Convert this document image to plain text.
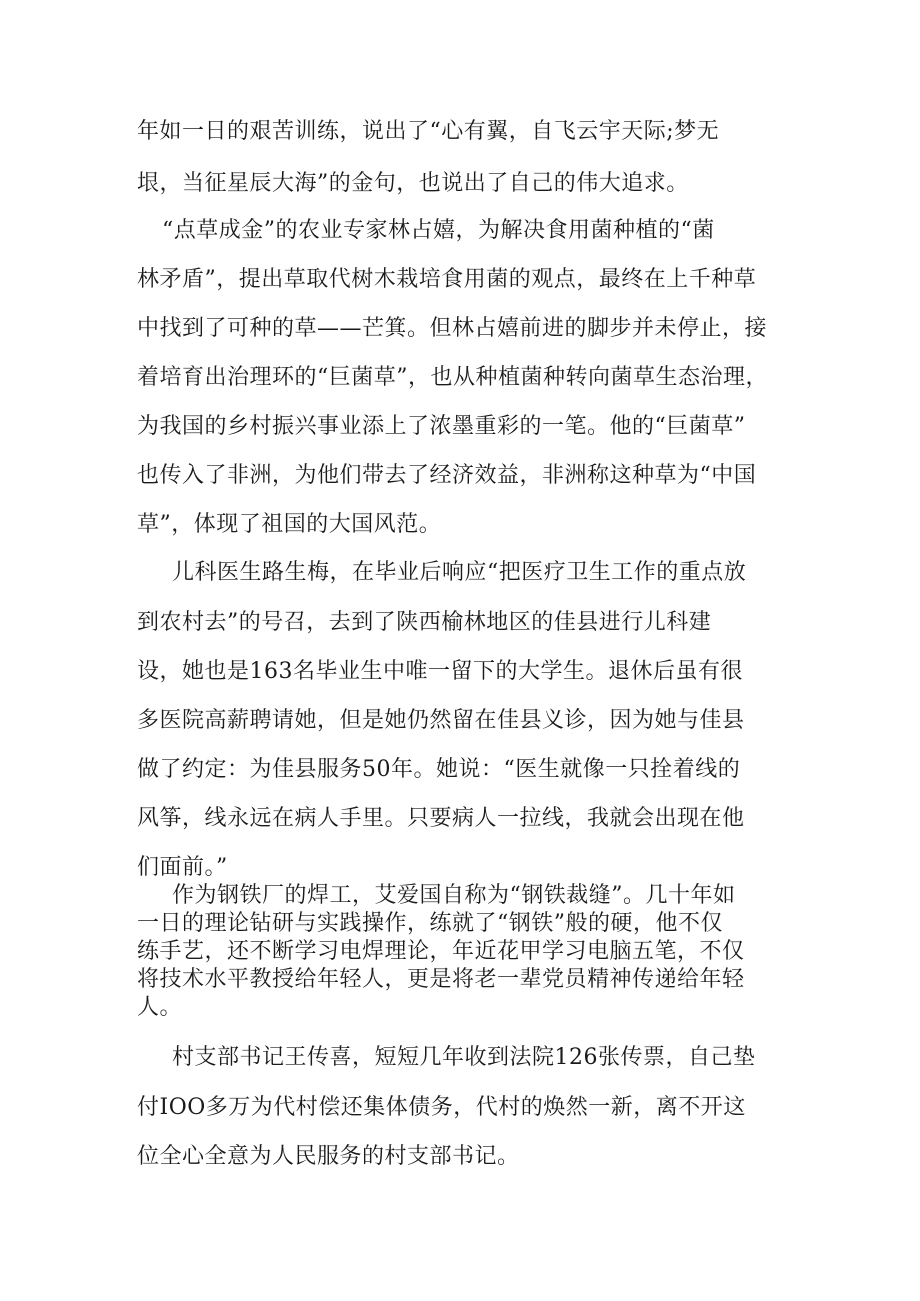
年如一日的艰苦训练，说出了“心有翼，自飞云宇天际;梦无
垠，当征星辰大海”的金句，也说出了自己的伟大追求。
“点草成金”的农业专家林占嬉，为解决食用菌种植的“菌
林矛盾”，提出草取代树木栽培食用菌的观点，最终在上千种草
中找到了可种的草——芒箕。但林占嬉前进的脚步并未停止，接
着培育出治理环的“巨菌草”，也从种植菌种转向菌草生态治理，
为我国的乡村振兴事业添上了浓墨重彩的一笔。他的“巨菌草”
也传入了非洲，为他们带去了经济效益，非洲称这种草为“中国
草”，体现了祖国的大国风范。
儿科医生路生梅，在毕业后响应“把医疗卫生工作的重点放
到农村去”的号召，去到了陕西榆林地区的佳县进行儿科建
设，她也是163名毕业生中唯一留下的大学生。退休后虽有很
多医院高薪聘请她，但是她仍然留在佳县义诊，因为她与佳县
做了约定：为佳县服务50年。她说：“医生就像一只拴着线的
风筝，线永远在病人手里。只要病人一拉线，我就会出现在他
们面前。”
作为钢铁厂的焊工，艾爱国自称为“钢铁裁缝”。几十年如
一日的理论钻研与实践操作，练就了“钢铁”般的硬，他不仅
练手艺，还不断学习电焊理论，年近花甲学习电脑五笔，不仅
将技术水平教授给年轻人，更是将老一辈党员精神传递给年轻
人。
村支部书记王传喜，短短几年收到法院126张传票，自己垫
付IOO多万为代村偿还集体债务，代村的焕然一新，离不开这
位全心全意为人民服务的村支部书记。
